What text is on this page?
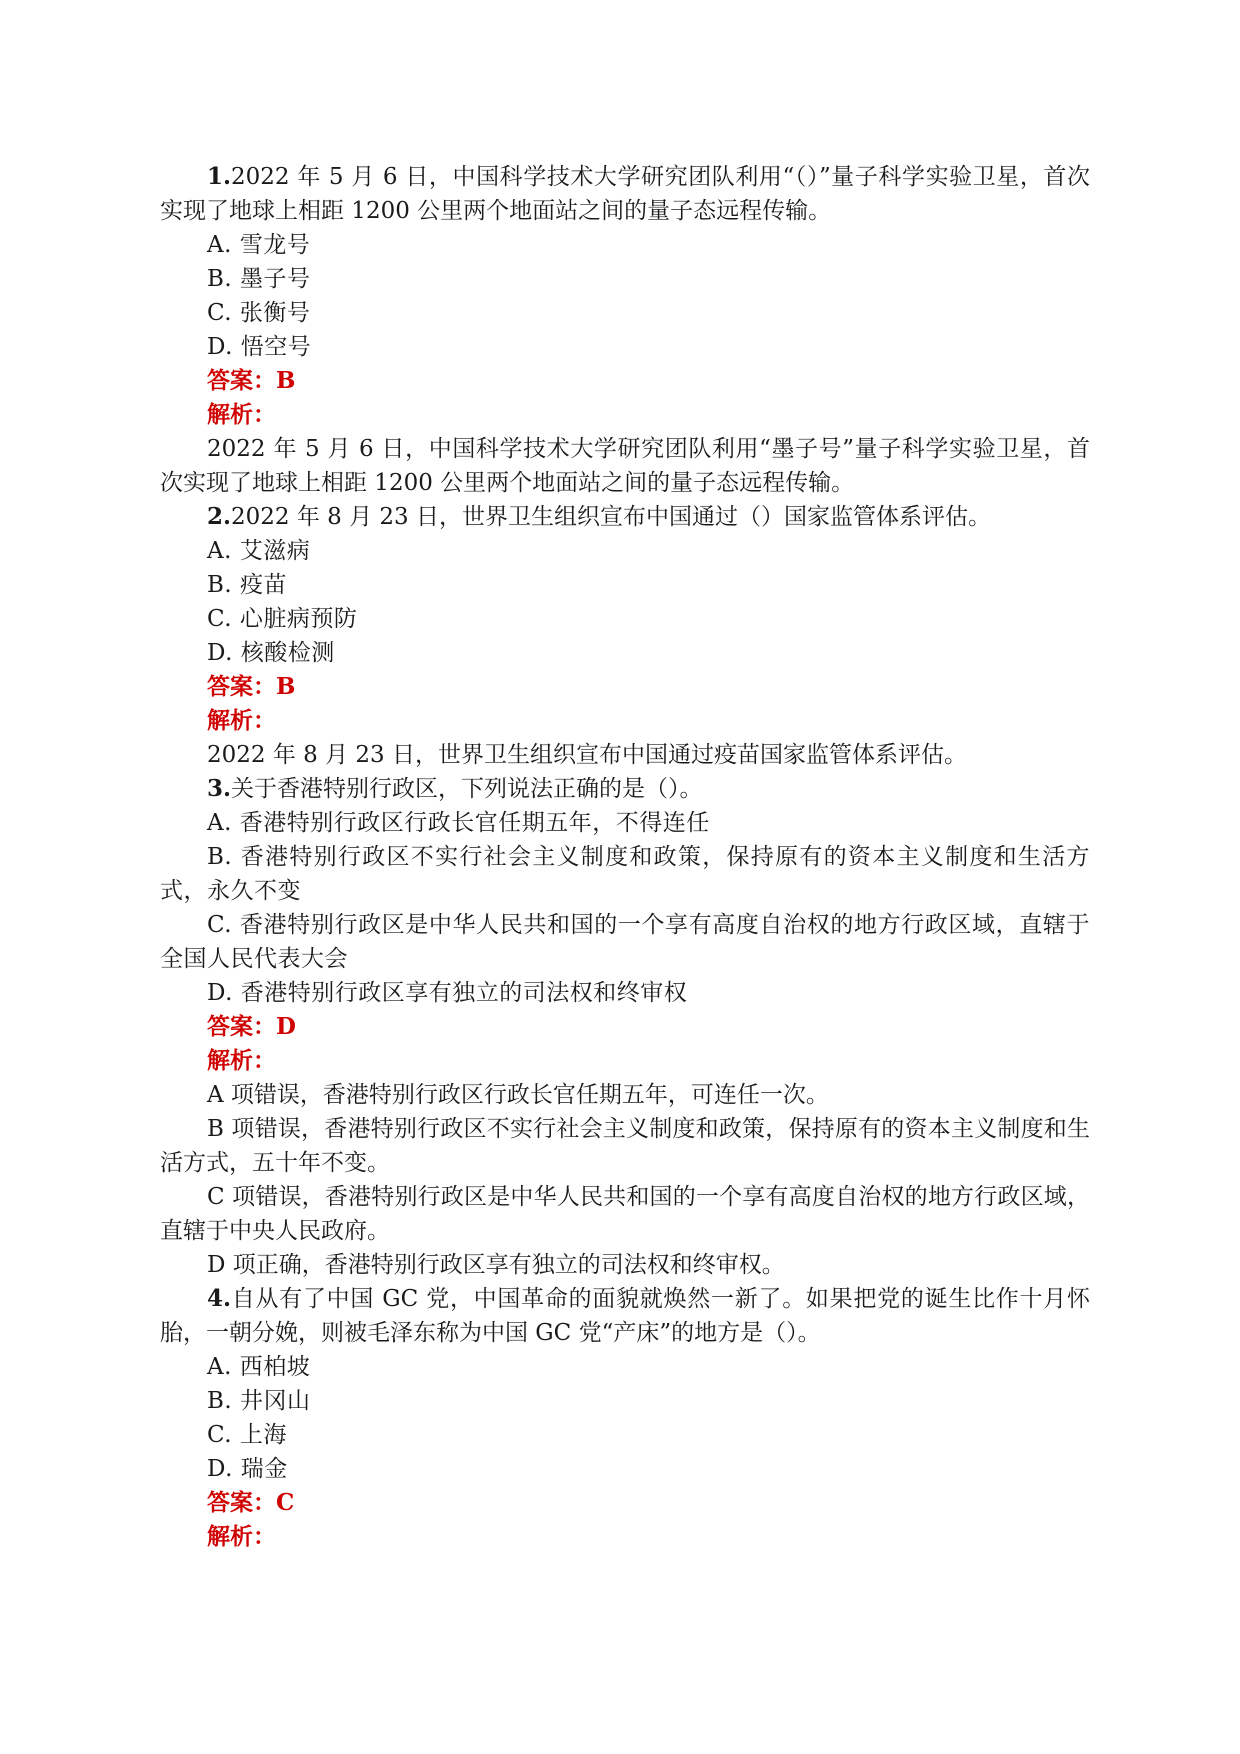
1.2022 年 5 月 6 日，中国科学技术大学研究团队利用“（）”量子科学实验卫星，首次实现了地球上相距 1200 公里两个地面站之间的量子态远程传输。

A. 雪龙号

B. 墨子号

C. 张衡号

D. 悟空号

答案：B

解析：

2022 年 5 月 6 日，中国科学技术大学研究团队利用“墨子号”量子科学实验卫星，首次实现了地球上相距 1200 公里两个地面站之间的量子态远程传输。

2.2022 年 8 月 23 日，世界卫生组织宣布中国通过（）国家监管体系评估。

A. 艾滋病

B. 疫苗

C. 心脏病预防

D. 核酸检测

答案：B

解析：

2022 年 8 月 23 日，世界卫生组织宣布中国通过疫苗国家监管体系评估。

3.关于香港特别行政区，下列说法正确的是（）。

A. 香港特别行政区行政长官任期五年，不得连任

B. 香港特别行政区不实行社会主义制度和政策，保持原有的资本主义制度和生活方式，永久不变

C. 香港特别行政区是中华人民共和国的一个享有高度自治权的地方行政区域，直辖于全国人民代表大会

D. 香港特别行政区享有独立的司法权和终审权

答案：D

解析：

A 项错误，香港特别行政区行政长官任期五年，可连任一次。

B 项错误，香港特别行政区不实行社会主义制度和政策，保持原有的资本主义制度和生活方式，五十年不变。

C 项错误，香港特别行政区是中华人民共和国的一个享有高度自治权的地方行政区域，直辖于中央人民政府。

D 项正确，香港特别行政区享有独立的司法权和终审权。

4.自从有了中国 GC 党，中国革命的面貌就焕然一新了。如果把党的诞生比作十月怀胎，一朝分娩，则被毛泽东称为中国 GC 党“产床”的地方是（）。

A. 西柏坡

B. 井冈山

C. 上海

D. 瑞金

答案：C

解析：
